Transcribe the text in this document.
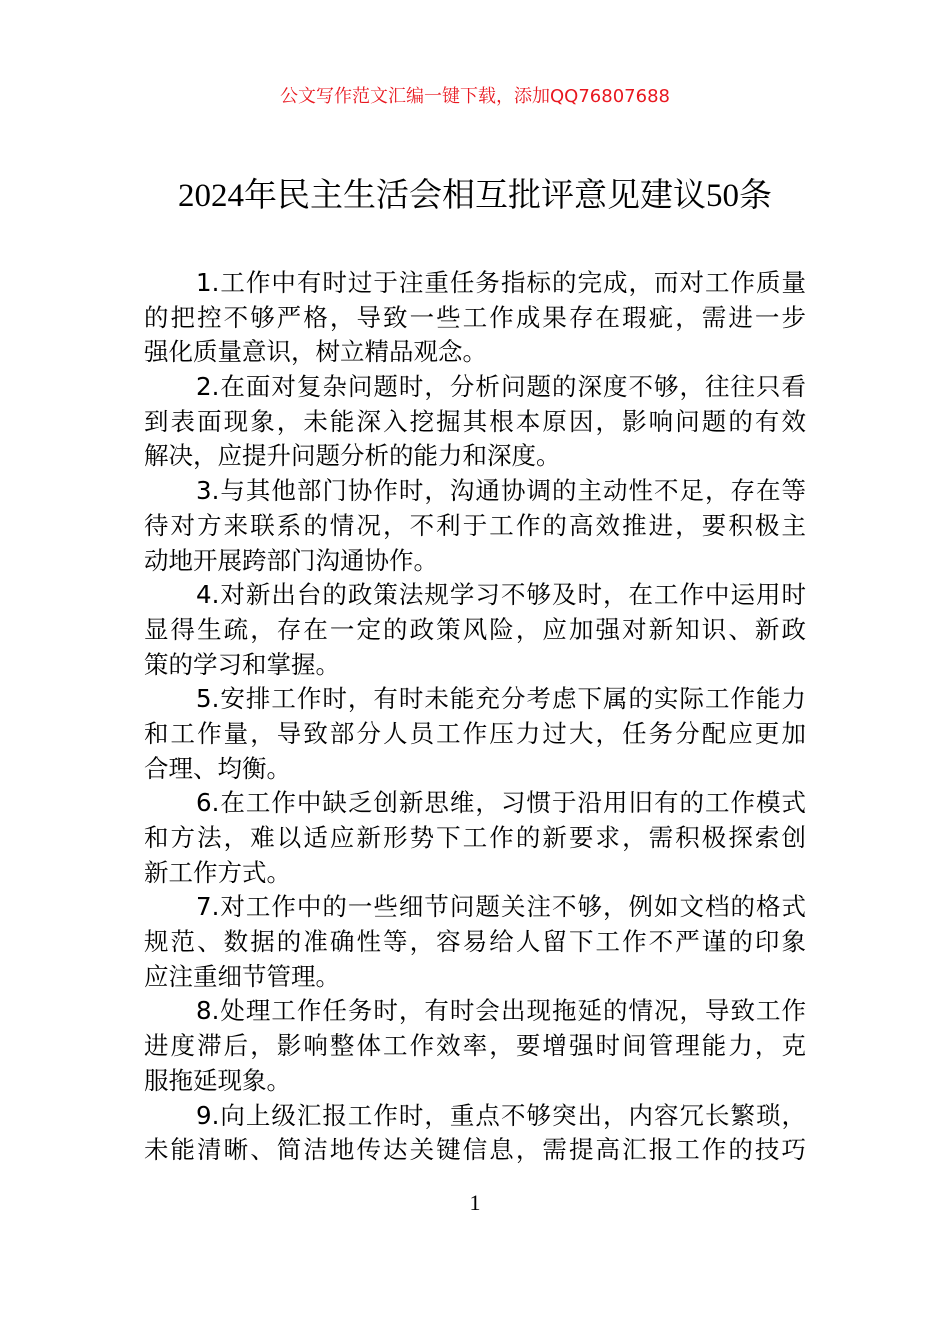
公文写作范文汇编一键下载，添加QQ76807688
2024年民主生活会相互批评意见建议50条
1.工作中有时过于注重任务指标的完成，而对工作质量
的把控不够严格，导致一些工作成果存在瑕疵，需进一步
强化质量意识，树立精品观念。
2.在面对复杂问题时，分析问题的深度不够，往往只看
到表面现象，未能深入挖掘其根本原因，影响问题的有效
解决，应提升问题分析的能力和深度。
3.与其他部门协作时，沟通协调的主动性不足，存在等
待对方来联系的情况，不利于工作的高效推进，要积极主
动地开展跨部门沟通协作。
4.对新出台的政策法规学习不够及时，在工作中运用时
显得生疏，存在一定的政策风险，应加强对新知识、新政
策的学习和掌握。
5.安排工作时，有时未能充分考虑下属的实际工作能力
和工作量，导致部分人员工作压力过大，任务分配应更加
合理、均衡。
6.在工作中缺乏创新思维，习惯于沿用旧有的工作模式
和方法，难以适应新形势下工作的新要求，需积极探索创
新工作方式。
7.对工作中的一些细节问题关注不够，例如文档的格式
规范、数据的准确性等，容易给人留下工作不严谨的印象
应注重细节管理。
8.处理工作任务时，有时会出现拖延的情况，导致工作
进度滞后，影响整体工作效率，要增强时间管理能力，克
服拖延现象。
9.向上级汇报工作时，重点不够突出，内容冗长繁琐，
未能清晰、简洁地传达关键信息，需提高汇报工作的技巧
1
